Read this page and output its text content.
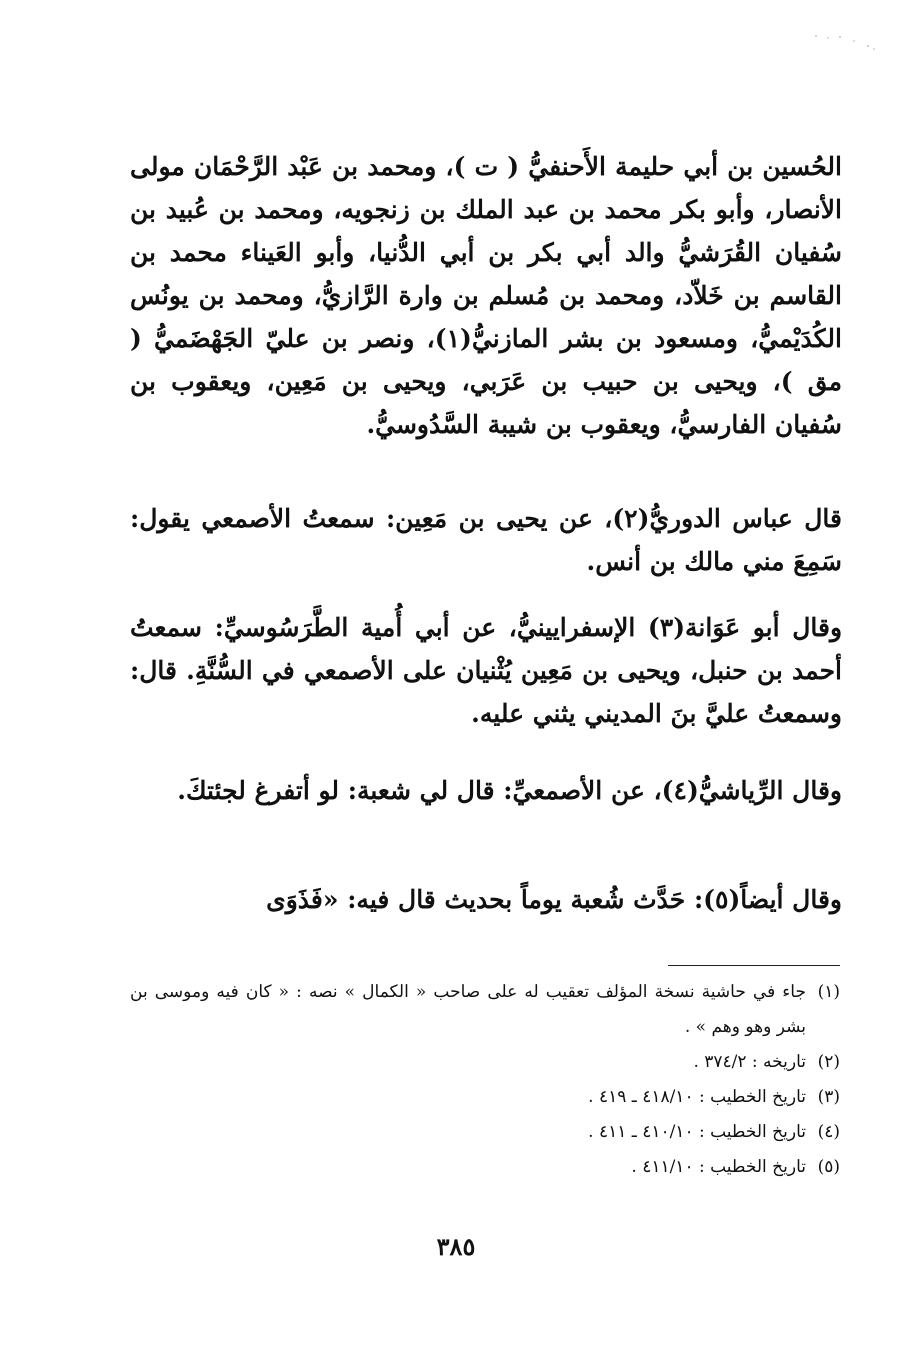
الحُسين بن أبي حليمة الأَحنفيُّ ( ت )، ومحمد بن عَبْد الرَّحْمَان مولى الأنصار، وأبو بكر محمد بن عبد الملك بن زنجويه، ومحمد بن عُبيد بن سُفيان القُرَشيُّ والد أبي بكر بن أبي الدُّنيا، وأبو العَيناء محمد بن القاسم بن خَلاّد، ومحمد بن مُسلم بن وارة الرَّازيُّ، ومحمد بن يونُس الكُدَيْميُّ، ومسعود بن بشر المازنيُّ(١)، ونصر بن عليّ الجَهْضَميُّ ( مق )، ويحيى بن حبيب بن عَرَبي، ويحيى بن مَعِين، ويعقوب بن سُفيان الفارسيُّ، ويعقوب بن شيبة السَّدُوسيُّ.

قال عباس الدوريُّ(٢)، عن يحيى بن مَعِين: سمعتُ الأصمعي يقول: سَمِعَ مني مالك بن أنس.

وقال أبو عَوَانة(٣) الإسفرايينيُّ، عن أبي أُمية الطَّرَسُوسيِّ: سمعتُ أحمد بن حنبل، ويحيى بن مَعِين يُثْنيان على الأصمعي في السُّنَّةِ. قال: وسمعتُ عليَّ بنَ المديني يثني عليه.

وقال الرِّياشيُّ(٤)، عن الأصمعيِّ: قال لي شعبة: لو أتفرغ لجئتكَ.

وقال أيضاً(٥): حَدَّث شُعبة يوماً بحديث قال فيه: «فَذَوَى

(١)
جاء في حاشية نسخة المؤلف تعقيب له على صاحب « الكمال » نصه : « كان فيه وموسى بن بشر وهو وهم » .
(٢)
تاريخه : ٣٧٤/٢ .
(٣)
تاريخ الخطيب : ٤١٨/١٠ ـ ٤١٩ .
(٤)
تاريخ الخطيب : ٤١٠/١٠ ـ ٤١١ .
(٥)
تاريخ الخطيب : ٤١١/١٠ .
٣٨٥
